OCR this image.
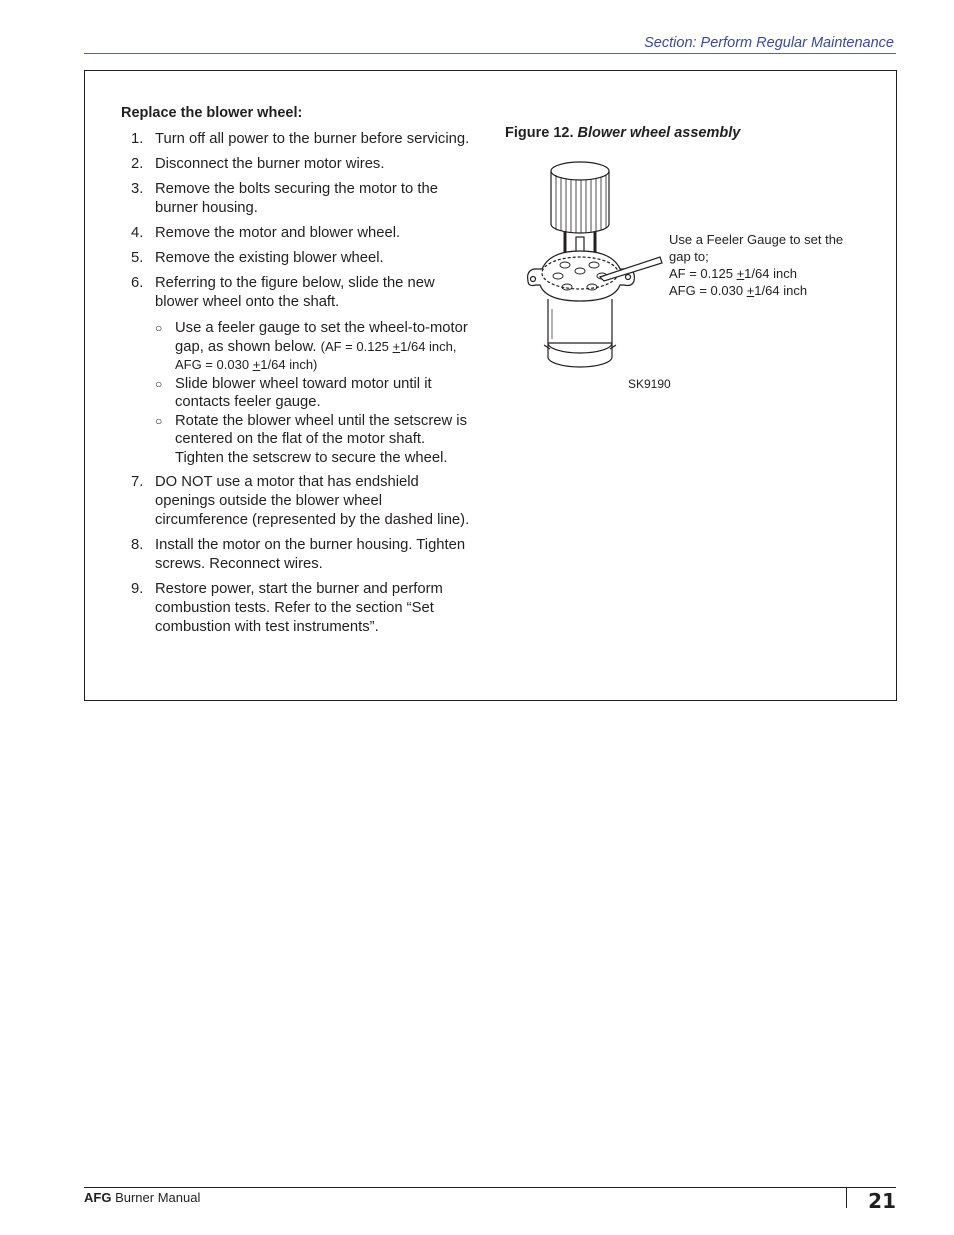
Section: Perform Regular Maintenance

Replace the blower wheel:

1. Turn off all power to the burner before servicing.
2. Disconnect the burner motor wires.
3. Remove the bolts securing the motor to the burner housing.
4. Remove the motor and blower wheel.
5. Remove the existing blower wheel.
6. Referring to the figure below, slide the new blower wheel onto the shaft.
○ Use a feeler gauge to set the wheel-to-motor gap, as shown below. (AF = 0.125 +1/64 inch, AFG = 0.030 +1/64 inch)
○ Slide blower wheel toward motor until it contacts feeler gauge.
○ Rotate the blower wheel until the setscrew is centered on the flat of the motor shaft. Tighten the setscrew to secure the wheel.
7. DO NOT use a motor that has endshield openings outside the blower wheel circumference (represented by the dashed line).
8. Install the motor on the burner housing. Tighten screws. Reconnect wires.
9. Restore power, start the burner and perform combustion tests. Refer to the section “Set combustion with test instruments”.
Figure 12. Blower wheel assembly
Use a Feeler Gauge to set the gap to;
AF = 0.125 +1/64 inch
AFG = 0.030 +1/64 inch
SK9190
AFG Burner Manual	21
